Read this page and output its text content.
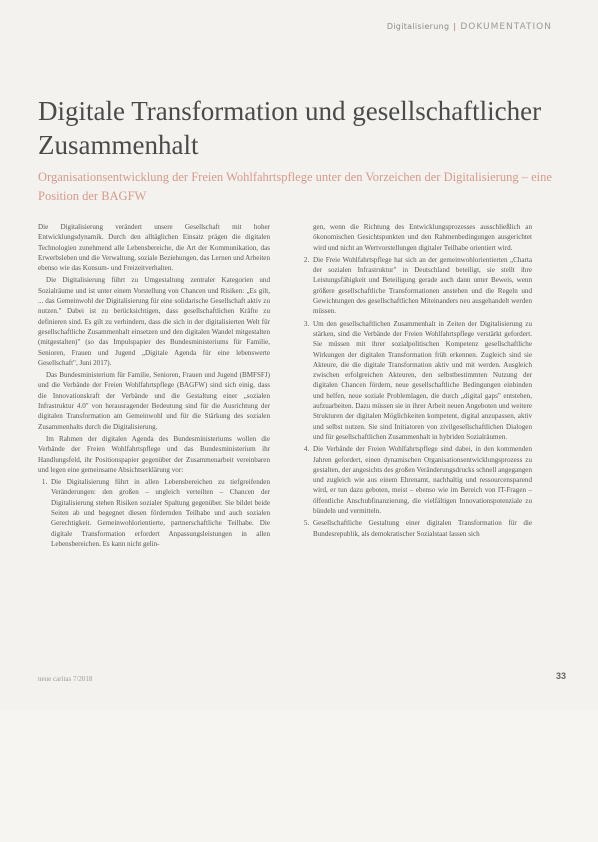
Digitalisierung | DOKUMENTATION
Digitale Transformation und gesellschaftlicher Zusammenhalt

Organisationsentwicklung der Freien Wohlfahrtspflege unter den Vorzeichen der Digitalisierung – eine Position der BAGFW

Die Digitalisierung verändert unsere Gesellschaft mit hoher Entwicklungsdynamik. Durch den alltäglichen Einsatz prägen die digitalen Technologien zunehmend alle Lebensbereiche, die Art der Kommunikation, das Erwerbsleben und die Verwaltung, soziale Beziehungen, das Lernen und Arbeiten ebenso wie das Konsum- und Freizeitverhalten.

Die Digitalisierung führt zu Umgestaltung zentraler Kategorien und Sozialräume und ist unter einem Vorstellung von Chancen und Risiken: „Es gilt, ... das Gemeinwohl der Digitalisierung für eine solidarische Gesellschaft aktiv zu nutzen." Dabei ist zu berücksichtigen, dass gesellschaftlichen Kräfte zu definieren sind. Es gilt zu verhindern, dass die sich in der digitalisierten Welt für gesellschaftliche Zusammenhalt einsetzen und den digitalen Wandel mitgestalten (mitgestalten)" (so das Impulspapier des Bundesministeriums für Familie, Senioren, Frauen und Jugend „Digitale Agenda für eine lebenswerte Gesellschaft", Juni 2017).

Das Bundesministerium für Familie, Senioren, Frauen und Jugend (BMFSFJ) und die Verbände der Freien Wohlfahrtspflege (BAGFW) sind sich einig, dass die Innovationskraft der Verbände und die Gestaltung einer „sozialen Infrastruktur 4.0" von herausragender Bedeutung sind für die Ausrichtung der digitalen Transformation am Gemeinwohl und für die Stärkung des sozialen Zusammenhalts durch die Digitalisierung.

Im Rahmen der digitalen Agenda des Bundesministeriums wollen die Verbände der Freien Wohlfahrtspflege und das Bundesministerium ihr Handlungsfeld, ihr Positionspapier gegenüber der Zusammenarbeit vereinbaren und legen eine gemeinsame Absichtserklärung vor:

1. Die Digitalisierung führt in allen Lebensbereichen zu tiefgreifenden Veränderungen: den großen – ungleich verteilten – Chancen der Digitalisierung stehen Risiken sozialer Spaltung gegenüber. Sie bildet beide Seiten ab und begegnet diesen fördernden Teilhabe und auch sozialen Gerechtigkeit. Gemeinwohlorientierte, partnerschaftliche Teilhabe. Die digitale Transformation erfordert Anpassungsleistungen in allen Lebensbereichen. Es kann nicht gelin-
gen, wenn die Richtung des Entwicklungsprozesses ausschließlich an ökonomischen Gesichtspunkten und den Rahmenbedingungen ausgerichtet wird und nicht an Wertvorstellungen digitaler Teilhabe orientiert wird.
2. Die Freie Wohlfahrtspflege hat sich an der gemeinwohlorientierten „Charta der sozialen Infrastruktur" in Deutschland beteiligt, sie stellt ihre Leistungsfähigkeit und Beteiligung gerade auch dann unter Beweis, wenn größere gesellschaftliche Transformationen anstehen und die Regeln und Gewichtungen des gesellschaftlichen Miteinanders neu ausgehandelt werden müssen.
3. Um den gesellschaftlichen Zusammenhalt in Zeiten der Digitalisierung zu stärken, sind die Verbände der Freien Wohlfahrtspflege verstärkt gefordert. Sie müssen mit ihrer sozialpolitischen Kompetenz gesellschaftliche Wirkungen der digitalen Transformation früh erkennen. Zugleich sind sie Akteure, die die digitale Transformation aktiv und mit werden. Ausgleich zwischen erfolgreichen Akteuren, den selbstbestimmten Nutzung der digitalen Chancen fördern, neue gesellschaftliche Bedingungen einbinden und helfen, neue soziale Problemlagen, die durch „digital gaps" entstehen, aufzuarbeiten. Dazu müssen sie in ihrer Arbeit neuen Angeboten und weitere Strukturen der digitalen Möglichkeiten kompetent, digital anzupassen, aktiv und selbst nutzen. Sie sind Initiatoren von zivilgesellschaftlichen Dialogen und für gesellschaftlichen Zusammenhalt in hybriden Sozialräumen.
4. Die Verbände der Freien Wohlfahrtspflege sind dabei, in den kommenden Jahren gefordert, einen dynamischen Organisationsentwicklungsprozess zu gestalten, der angesichts des großen Veränderungsdrucks schnell angegangen und zugleich wie aus einem Ehrenamt, nachhaltig und ressourcensparend wird, er tun dazu geboten, meist – ebenso wie im Bereich von IT-Fragen – öffentliche Anschubfinanzierung, die vielfältigen Innovationspotenziale zu bündeln und vermitteln.
5. Gesellschaftliche Gestaltung einer digitalen Transformation für die Bundesrepublik, als demokratischer Sozialstaat lassen sich
neue caritas 7/2018	33
